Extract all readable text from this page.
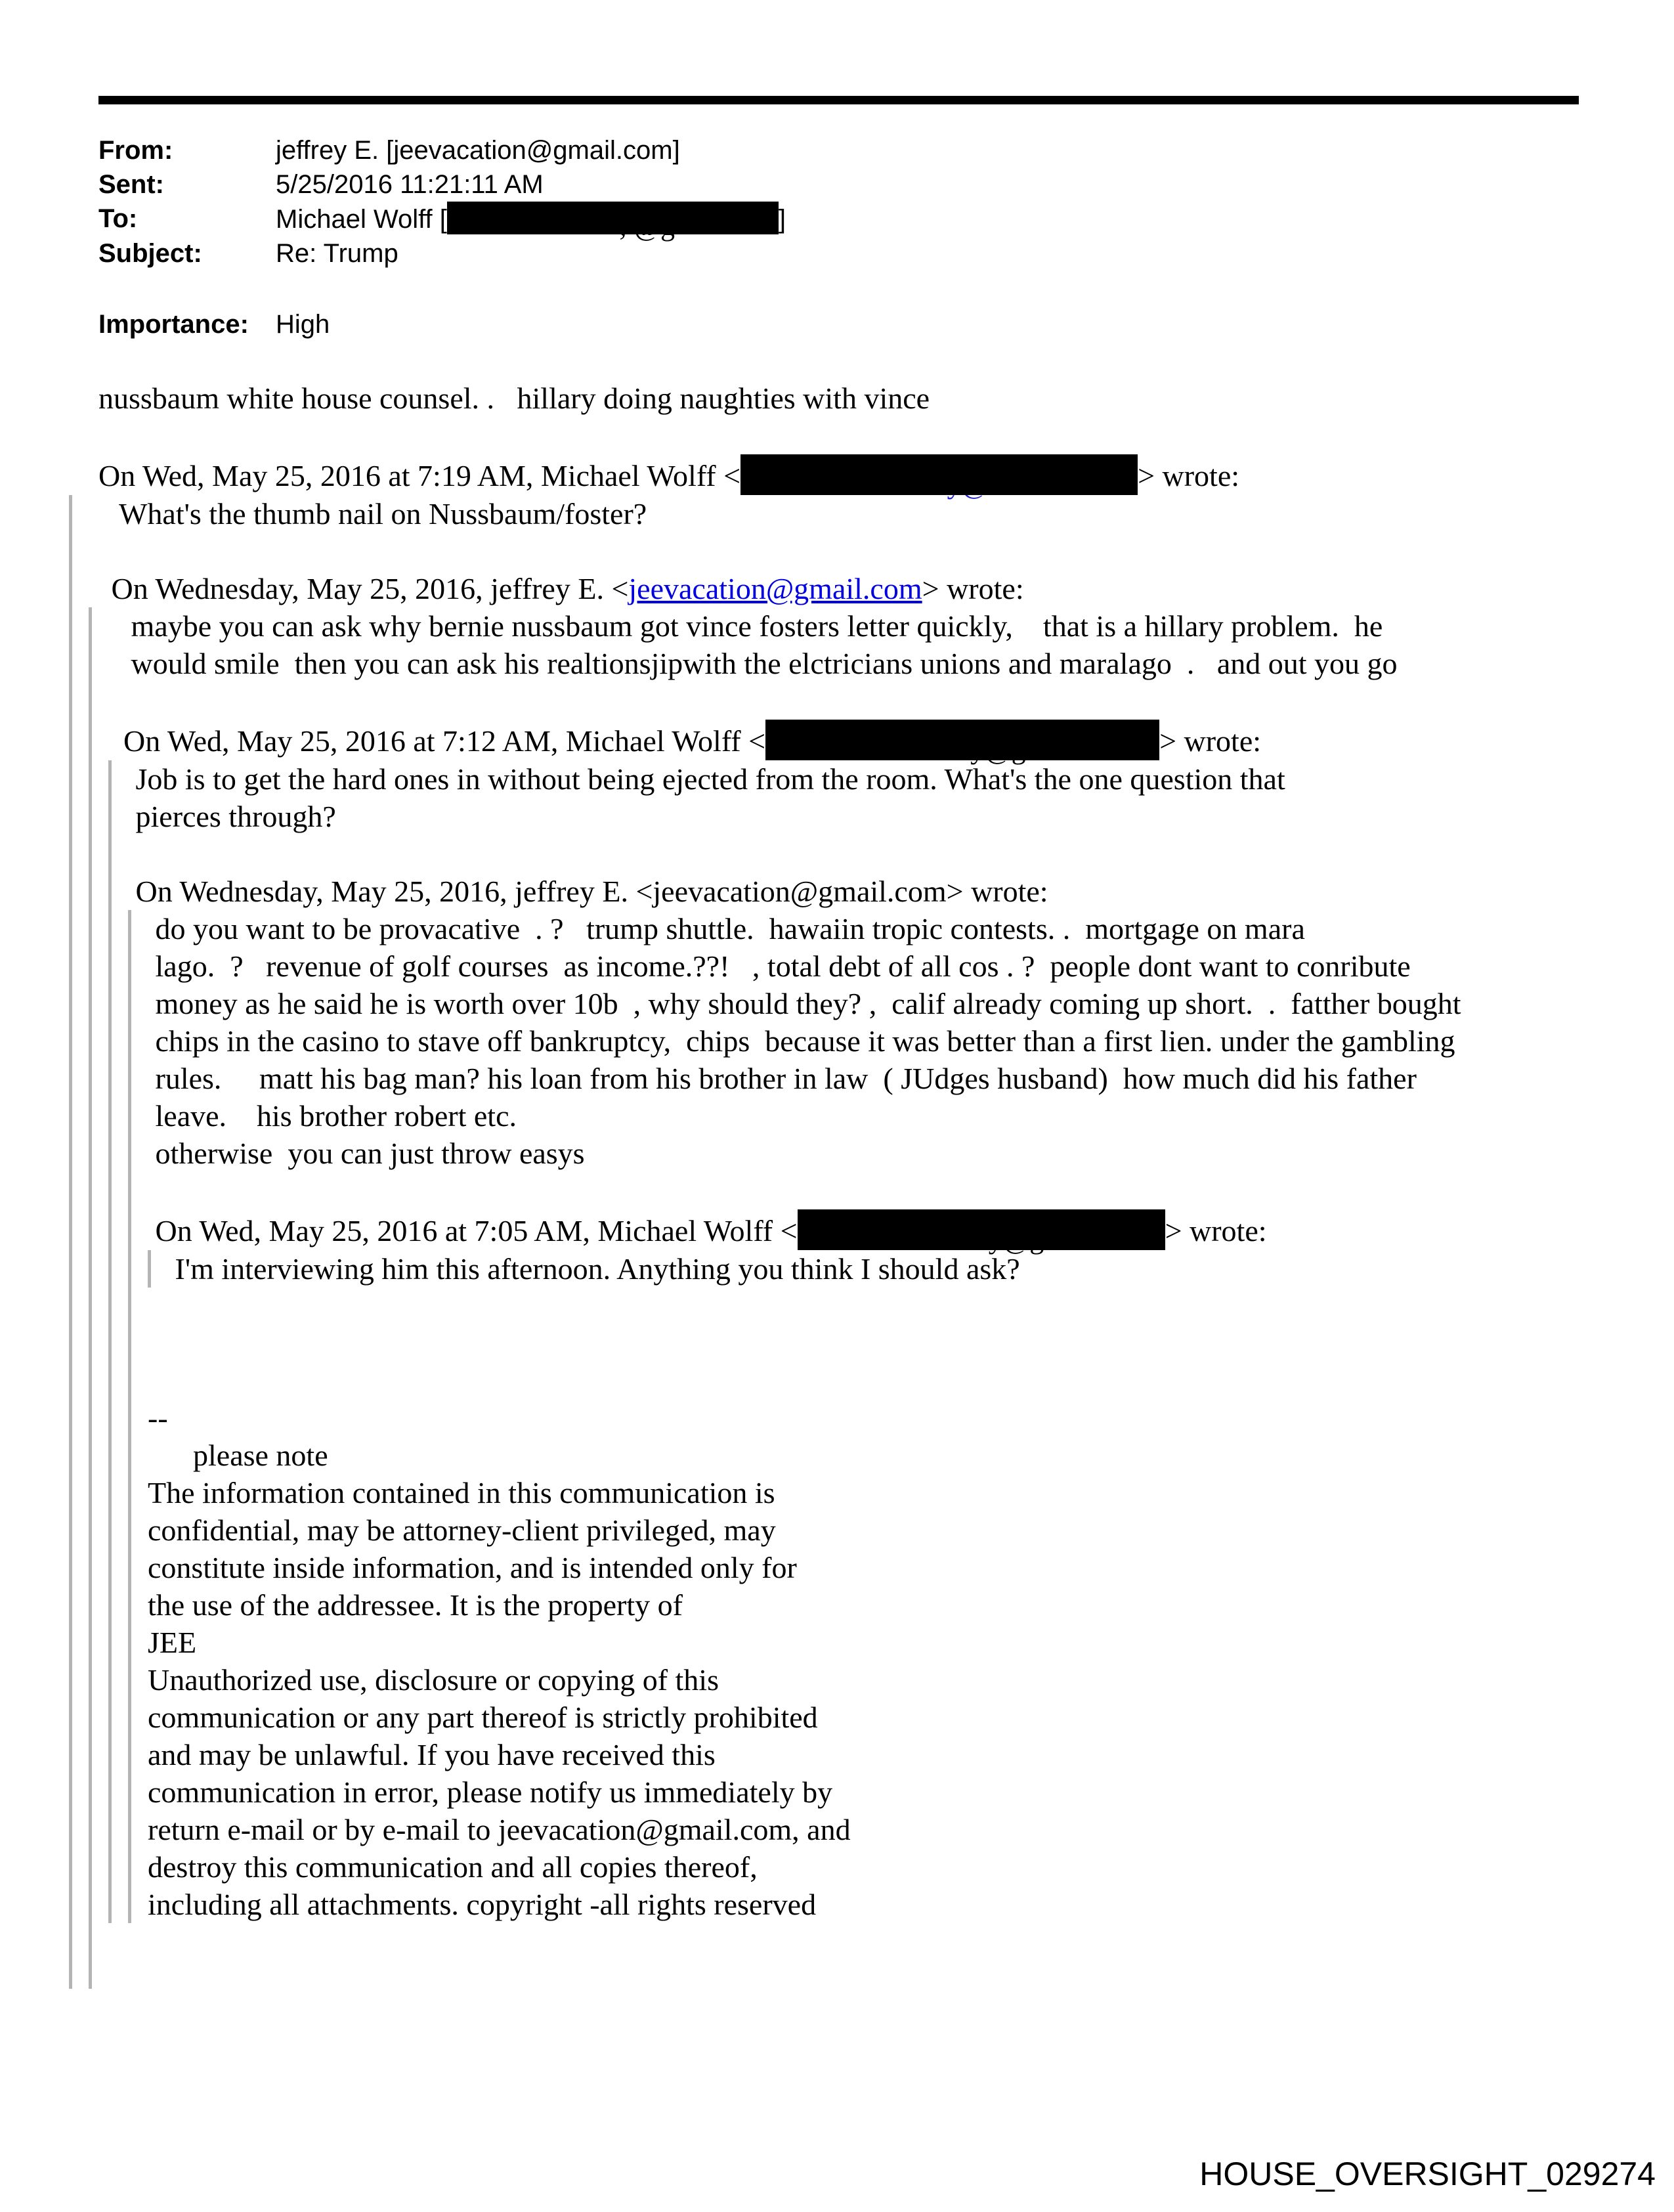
From:	jeffrey E. [jeevacation@gmail.com]
Sent:	5/25/2016 11:21:11 AM
To:	Michael Wolff [	]
Subject:	Re: Trump
Importance:	High
nussbaum white house counsel. .   hillary doing naughties with vince
On Wed, May 25, 2016 at 7:19 AM, Michael Wolff <	> wrote:
What's the thumb nail on Nussbaum/foster?
On Wednesday, May 25, 2016, jeffrey E. <jeevacation@gmail.com> wrote:
maybe you can ask why bernie nussbaum got vince fosters letter quickly,    that is a hillary problem.  he
would smile  then you can ask his realtionsjipwith the elctricians unions and maralago  .   and out you go
On Wed, May 25, 2016 at 7:12 AM, Michael Wolff <	> wrote:
Job is to get the hard ones in without being ejected from the room. What's the one question that
pierces through?
On Wednesday, May 25, 2016, jeffrey E. <jeevacation@gmail.com> wrote:
do you want to be provacative  . ?   trump shuttle.  hawaiin tropic contests. .  mortgage on mara
lago.  ?   revenue of golf courses  as income.??!   , total debt of all cos . ?  people dont want to conribute
money as he said he is worth over 10b  , why should they? ,  calif already coming up short.  .  fatther bought
chips in the casino to stave off bankruptcy,  chips  because it was better than a first lien. under the gambling
rules.     matt his bag man? his loan from his brother in law  ( JUdges husband)  how much did his father
leave.    his brother robert etc.
otherwise  you can just throw easys
On Wed, May 25, 2016 at 7:05 AM, Michael Wolff <	> wrote:
I'm interviewing him this afternoon. Anything you think I should ask?
--
please note
The information contained in this communication is
confidential, may be attorney-client privileged, may
constitute inside information, and is intended only for
the use of the addressee. It is the property of
JEE
Unauthorized use, disclosure or copying of this
communication or any part thereof is strictly prohibited
and may be unlawful. If you have received this
communication in error, please notify us immediately by
return e-mail or by e-mail to jeevacation@gmail.com, and
destroy this communication and all copies thereof,
including all attachments. copyright -all rights reserved
HOUSE_OVERSIGHT_029274
